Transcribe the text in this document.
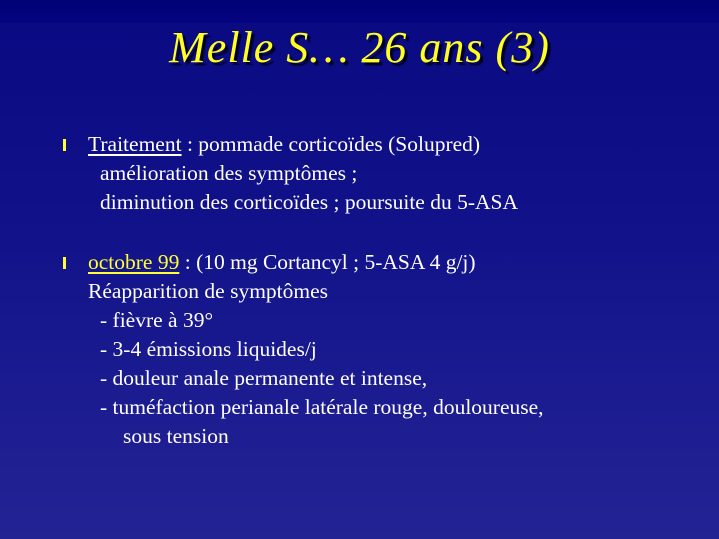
Melle S… 26 ans (3)
Traitement : pommade corticoïdes (Solupred)
amélioration des symptômes ;
diminution des corticoïdes ; poursuite du 5-ASA
octobre 99 : (10 mg Cortancyl ; 5-ASA 4 g/j)
Réapparition de symptômes
- fièvre à 39°
- 3-4 émissions liquides/j
- douleur anale permanente et intense,
- tuméfaction perianale latérale rouge, douloureuse,
sous tension
